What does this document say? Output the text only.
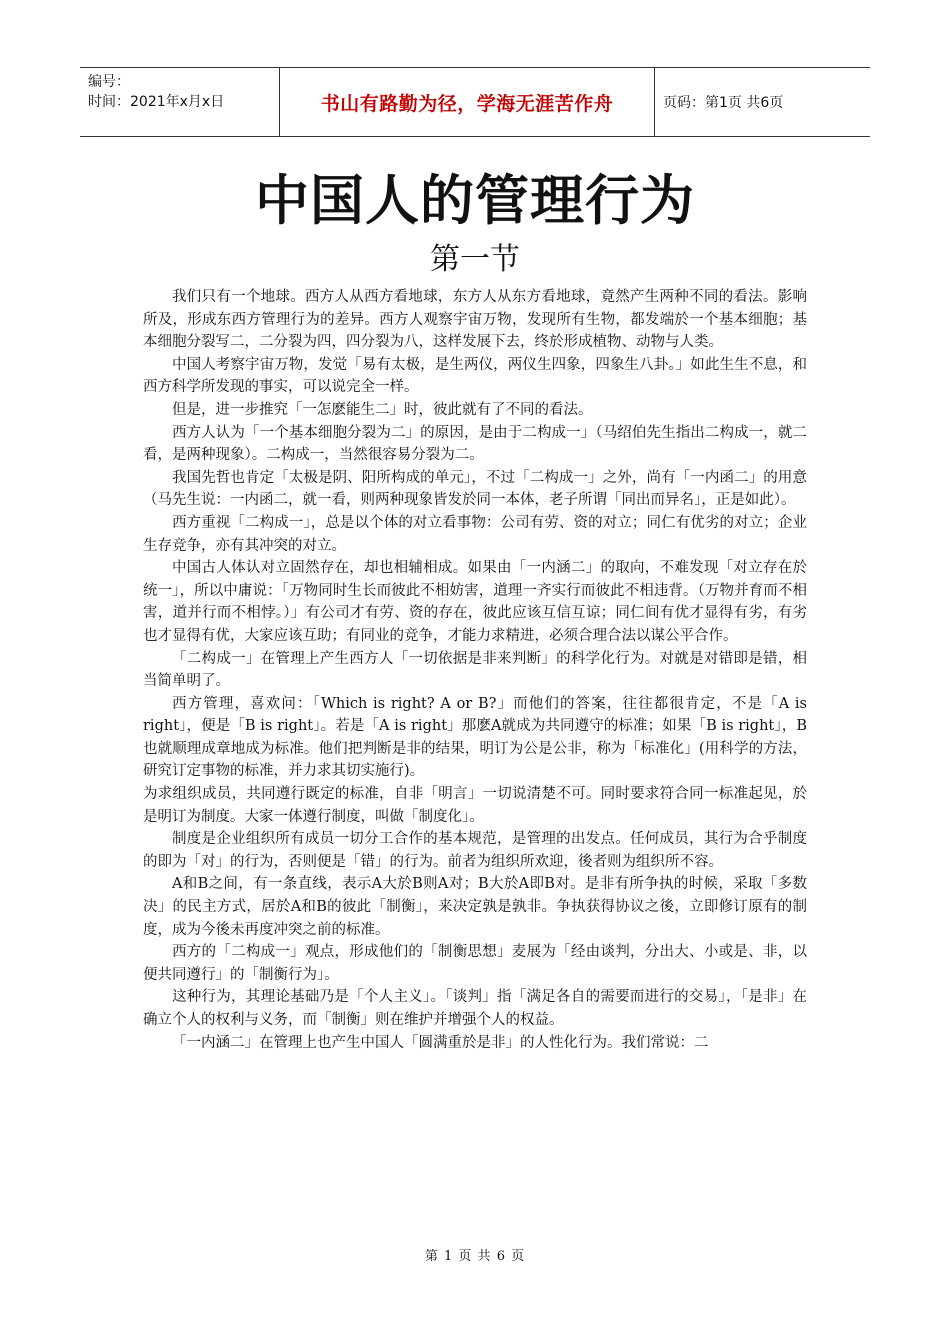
编号：
时间：2021年x月x日	书山有路勤为径，学海无涯苦作舟	页码：第1页 共6页
中国人的管理行为
第一节

我们只有一个地球。西方人从西方看地球，东方人从东方看地球，竟然产生两种不同的看法。影响所及，形成东西方管理行为的差异。西方人观察宇宙万物，发现所有生物，都发端於一个基本细胞；基本细胞分裂写二，二分裂为四，四分裂为八，这样发展下去，终於形成植物、动物与人类。

中国人考察宇宙万物，发觉「易有太极，是生两仪，两仪生四象，四象生八卦。」如此生生不息，和西方科学所发现的事实，可以说完全一样。

但是，进一步推究「一怎麽能生二」时，彼此就有了不同的看法。

西方人认为「一个基本细胞分裂为二」的原因，是由于二构成一」（马绍伯先生指出二构成一，就二看，是两种现象）。二构成一，当然很容易分裂为二。

我国先哲也肯定「太极是阴、阳所构成的单元」，不过「二构成一」之外，尚有「一内函二」的用意（马先生说：一内函二，就一看，则两种现象皆发於同一本体，老子所谓「同出而异名」，正是如此）。

西方重视「二构成一」，总是以个体的对立看事物：公司有劳、资的对立；同仁有优劣的对立；企业生存竞争，亦有其冲突的对立。

中国古人体认对立固然存在，却也相辅相成。如果由「一内涵二」的取向，不难发现「对立存在於统一」，所以中庸说：「万物同时生长而彼此不相妨害，道理一齐实行而彼此不相违背。（万物并育而不相害，道并行而不相悖。）」有公司才有劳、资的存在，彼此应该互信互谅；同仁间有优才显得有劣，有劣也才显得有优，大家应该互助；有同业的竞争，才能力求精进，必须合理合法以谋公平合作。

「二构成一」在管理上产生西方人「一切依据是非来判断」的科学化行为。对就是对错即是错，相当简单明了。

西方管理，喜欢问：「Which is right? A or B?」而他们的答案，往往都很肯定，不是「A is right」，便是「B is right」。若是「A is right」那麽A就成为共同遵守的标准；如果「B is right」，B也就顺理成章地成为标准。他们把判断是非的结果，明订为公是公非，称为「标准化」(用科学的方法，研究订定事物的标准，并力求其切实施行)。

为求组织成员，共同遵行既定的标准，自非「明言」一切说清楚不可。同时要求符合同一标准起见，於是明订为制度。大家一体遵行制度，叫做「制度化」。

制度是企业组织所有成员一切分工合作的基本规范，是管理的出发点。任何成员，其行为合乎制度的即为「对」的行为，否则便是「错」的行为。前者为组织所欢迎，後者则为组织所不容。

A和B之间，有一条直线，表示A大於B则A对；B大於A即B对。是非有所争执的时候，采取「多数决」的民主方式，居於A和B的彼此「制衡」，来决定孰是孰非。争执获得协议之後，立即修订原有的制度，成为今後未再度冲突之前的标准。

西方的「二构成一」观点，形成他们的「制衡思想」麦展为「经由谈判，分出大、小或是、非，以便共同遵行」的「制衡行为」。

这种行为，其理论基础乃是「个人主义」。「谈判」指「满足各自的需要而进行的交易」，「是非」在确立个人的权利与义务，而「制衡」则在维护并增强个人的权益。

「一内涵二」在管理上也产生中国人「圆满重於是非」的人性化行为。我们常说：二

第 1 页 共 6 页
